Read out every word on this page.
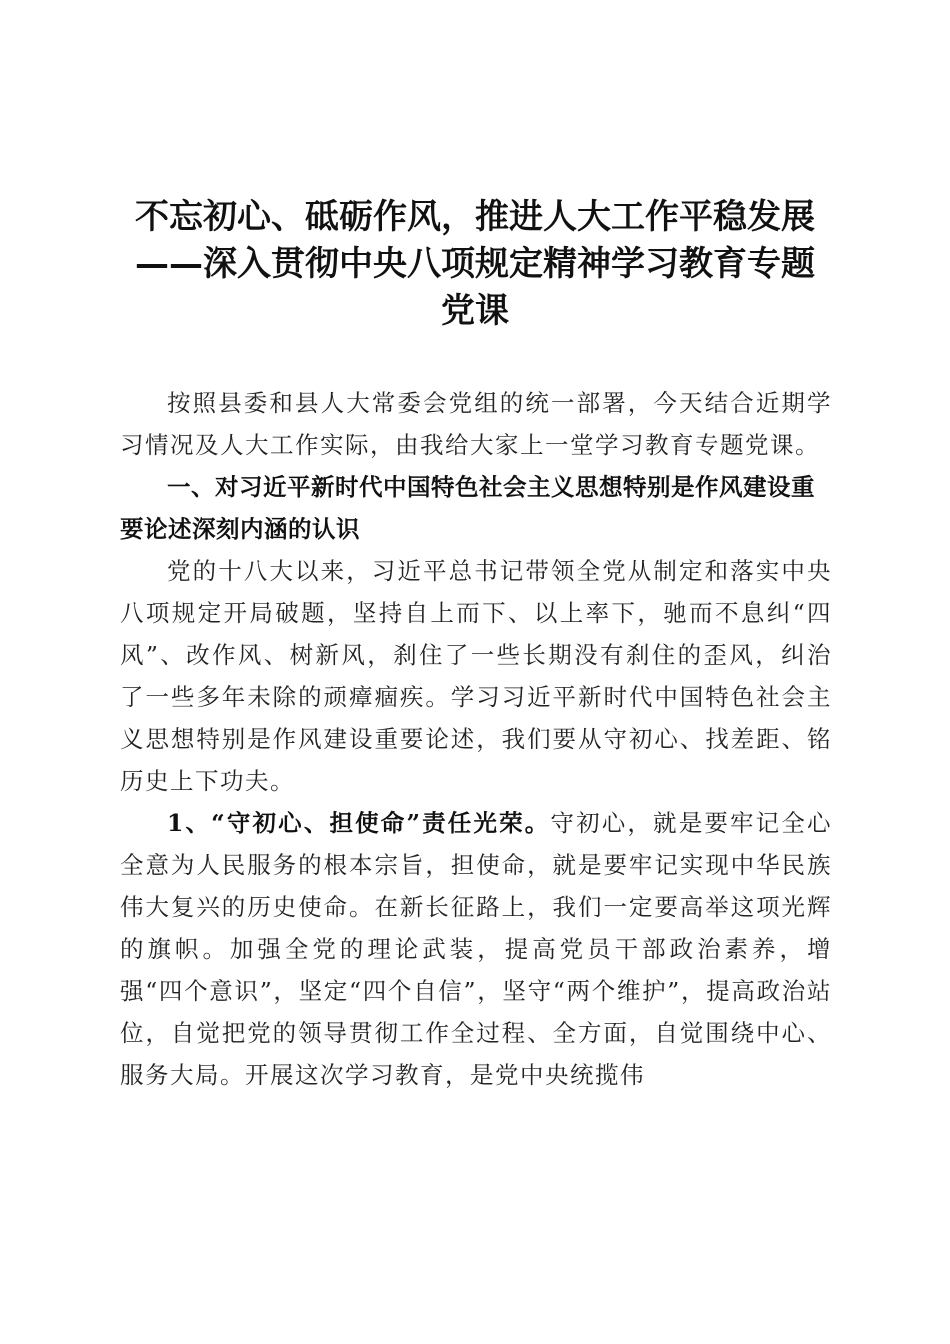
不忘初心、砥砺作风，推进人大工作平稳发展
——深入贯彻中央八项规定精神学习教育专题
党课

按照县委和县人大常委会党组的统一部署，今天结合近期学习情况及人大工作实际，由我给大家上一堂学习教育专题党课。

一、对习近平新时代中国特色社会主义思想特别是作风建设重要论述深刻内涵的认识

党的十八大以来，习近平总书记带领全党从制定和落实中央八项规定开局破题，坚持自上而下、以上率下，驰而不息纠“四风”、改作风、树新风，刹住了一些长期没有刹住的歪风，纠治了一些多年未除的顽瘴痼疾。学习习近平新时代中国特色社会主义思想特别是作风建设重要论述，我们要从守初心、找差距、铭历史上下功夫。

1、“守初心、担使命”责任光荣。守初心，就是要牢记全心全意为人民服务的根本宗旨，担使命，就是要牢记实现中华民族伟大复兴的历史使命。在新长征路上，我们一定要高举这项光辉的旗帜。加强全党的理论武装，提高党员干部政治素养，增强“四个意识”，坚定“四个自信”，坚守“两个维护”，提高政治站位，自觉把党的领导贯彻工作全过程、全方面，自觉围绕中心、服务大局。开展这次学习教育，是党中央统揽伟
